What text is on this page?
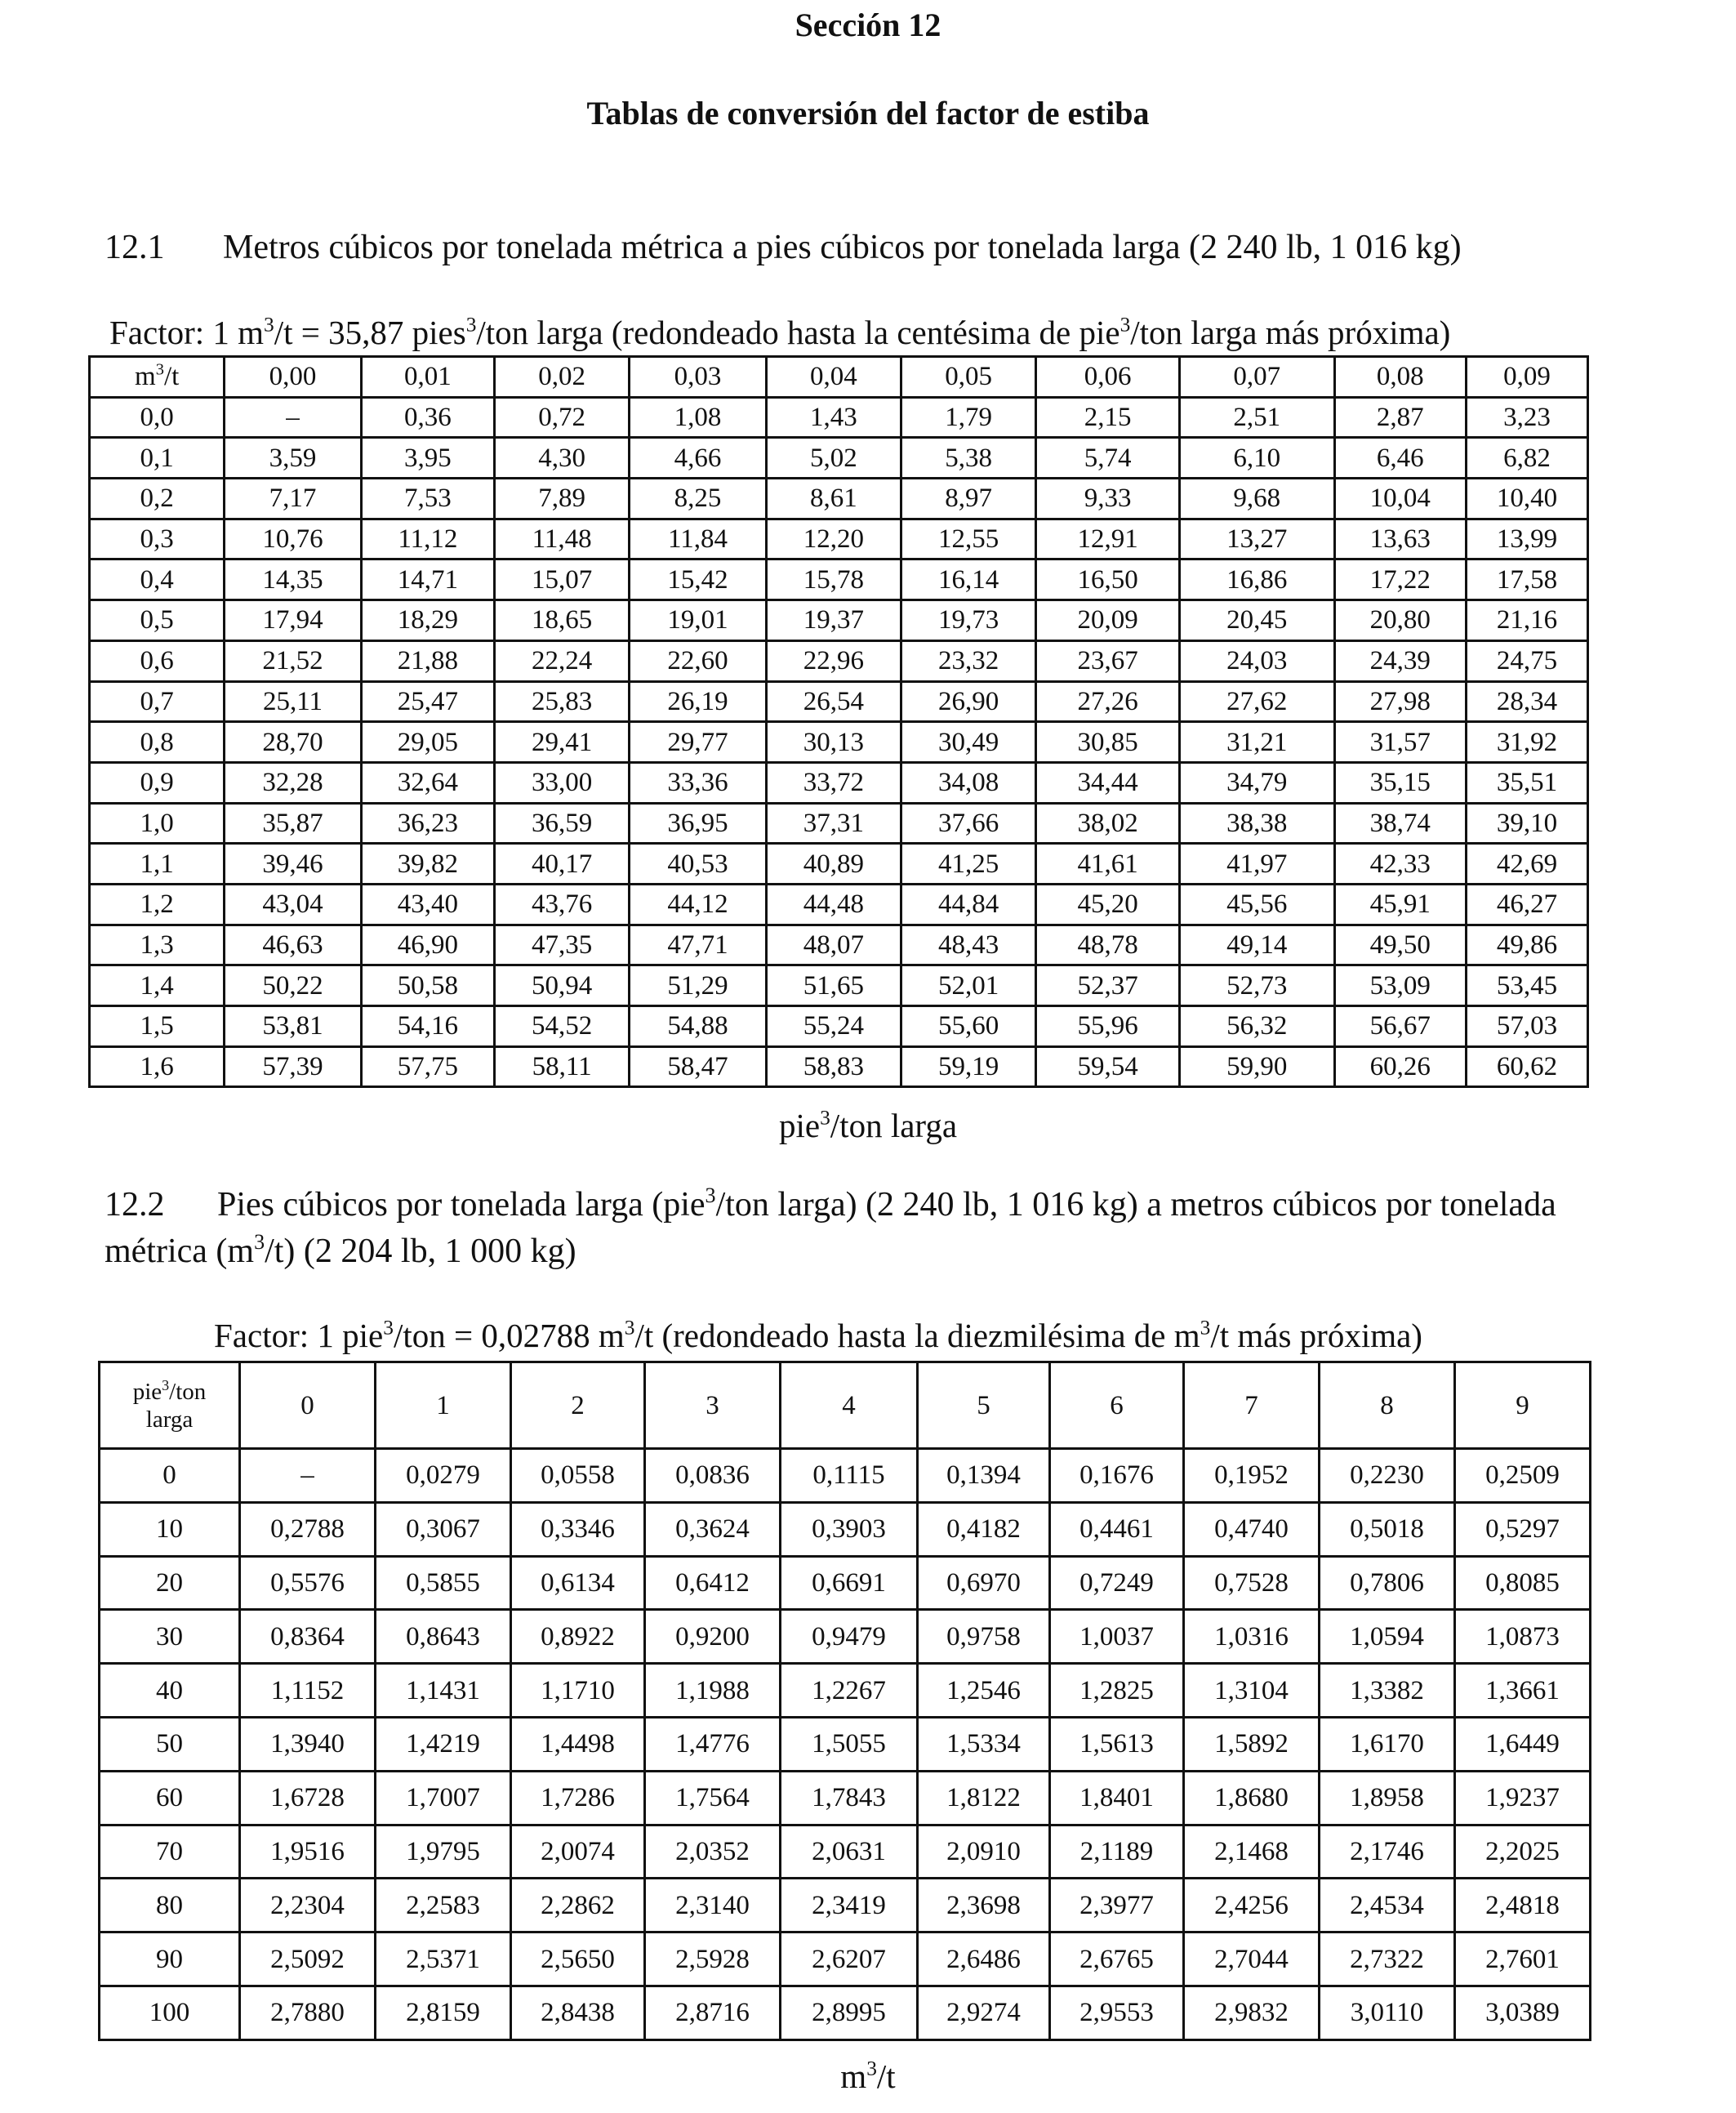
Sección 12
Tablas de conversión del factor de estiba
12.1 Metros cúbicos por tonelada métrica a pies cúbicos por tonelada larga (2 240 lb, 1 016 kg)
Factor: 1 $m^3/t = 35,87$ pies$^3$/ton larga (redondeado hasta la centésima de pie$^3$/ton larga más próxima)
$m^3/t$	0,00	0,01	0,02	0,03	0,04	0,05	0,06	0,07	0,08	0,09
0,0	–	0,36	0,72	1,08	1,43	1,79	2,15	2,51	2,87	3,23
0,1	3,59	3,95	4,30	4,66	5,02	5,38	5,74	6,10	6,46	6,82
0,2	7,17	7,53	7,89	8,25	8,61	8,97	9,33	9,68	10,04	10,40
0,3	10,76	11,12	11,48	11,84	12,20	12,55	12,91	13,27	13,63	13,99
0,4	14,35	14,71	15,07	15,42	15,78	16,14	16,50	16,86	17,22	17,58
0,5	17,94	18,29	18,65	19,01	19,37	19,73	20,09	20,45	20,80	21,16
0,6	21,52	21,88	22,24	22,60	22,96	23,32	23,67	24,03	24,39	24,75
0,7	25,11	25,47	25,83	26,19	26,54	26,90	27,26	27,62	27,98	28,34
0,8	28,70	29,05	29,41	29,77	30,13	30,49	30,85	31,21	31,57	31,92
0,9	32,28	32,64	33,00	33,36	33,72	34,08	34,44	34,79	35,15	35,51
1,0	35,87	36,23	36,59	36,95	37,31	37,66	38,02	38,38	38,74	39,10
1,1	39,46	39,82	40,17	40,53	40,89	41,25	41,61	41,97	42,33	42,69
1,2	43,04	43,40	43,76	44,12	44,48	44,84	45,20	45,56	45,91	46,27
1,3	46,63	46,90	47,35	47,71	48,07	48,43	48,78	49,14	49,50	49,86
1,4	50,22	50,58	50,94	51,29	51,65	52,01	52,37	52,73	53,09	53,45
1,5	53,81	54,16	54,52	54,88	55,24	55,60	55,96	56,32	56,67	57,03
1,6	57,39	57,75	58,11	58,47	58,83	59,19	59,54	59,90	60,26	60,62
pie$^3$/ton larga
12.2 Pies cúbicos por tonelada larga (pie$^3$/ton larga) (2 240 lb, 1 016 kg) a metros cúbicos por tonelada métrica $(m^3/t)$ (2 204 lb, 1 000 kg)
Factor: 1 pie$^3$/ton = 0,02788 $m^3/t$ (redondeado hasta la diezmilésima de $m^3/t$ más próxima)
pie$^3$/ton
larga	0	1	2	3	4	5	6	7	8	9
0	–	0,0279	0,0558	0,0836	0,1115	0,1394	0,1676	0,1952	0,2230	0,2509
10	0,2788	0,3067	0,3346	0,3624	0,3903	0,4182	0,4461	0,4740	0,5018	0,5297
20	0,5576	0,5855	0,6134	0,6412	0,6691	0,6970	0,7249	0,7528	0,7806	0,8085
30	0,8364	0,8643	0,8922	0,9200	0,9479	0,9758	1,0037	1,0316	1,0594	1,0873
40	1,1152	1,1431	1,1710	1,1988	1,2267	1,2546	1,2825	1,3104	1,3382	1,3661
50	1,3940	1,4219	1,4498	1,4776	1,5055	1,5334	1,5613	1,5892	1,6170	1,6449
60	1,6728	1,7007	1,7286	1,7564	1,7843	1,8122	1,8401	1,8680	1,8958	1,9237
70	1,9516	1,9795	2,0074	2,0352	2,0631	2,0910	2,1189	2,1468	2,1746	2,2025
80	2,2304	2,2583	2,2862	2,3140	2,3419	2,3698	2,3977	2,4256	2,4534	2,4818
90	2,5092	2,5371	2,5650	2,5928	2,6207	2,6486	2,6765	2,7044	2,7322	2,7601
100	2,7880	2,8159	2,8438	2,8716	2,8995	2,9274	2,9553	2,9832	3,0110	3,0389
$m^3/t$
